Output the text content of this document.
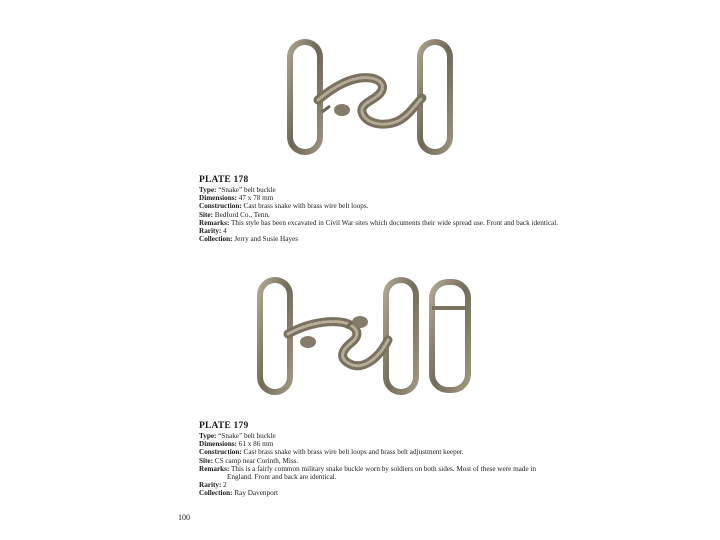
PLATE 178
Type: “Snake” belt buckle
Dimensions: 47 x 78 mm
Construction: Cast brass snake with brass wire belt loops.
Site: Bedford Co., Tenn.
Remarks: This style has been excavated in Civil War sites which documents their wide spread use. Front and back identical.
Rarity: 4
Collection: Jerry and Susie Hayes
PLATE 179
Type: “Snake” belt buckle
Dimensions: 61 x 86 mm
Construction: Cast brass snake with brass wire belt loops and brass belt adjustment keeper.
Site: CS camp near Corinth, Miss.
Remarks: This is a fairly common military snake buckle worn by soldiers on both sides. Most of these were made in England. Front and back are identical.
Rarity: 2
Collection: Ray Davenport
100
